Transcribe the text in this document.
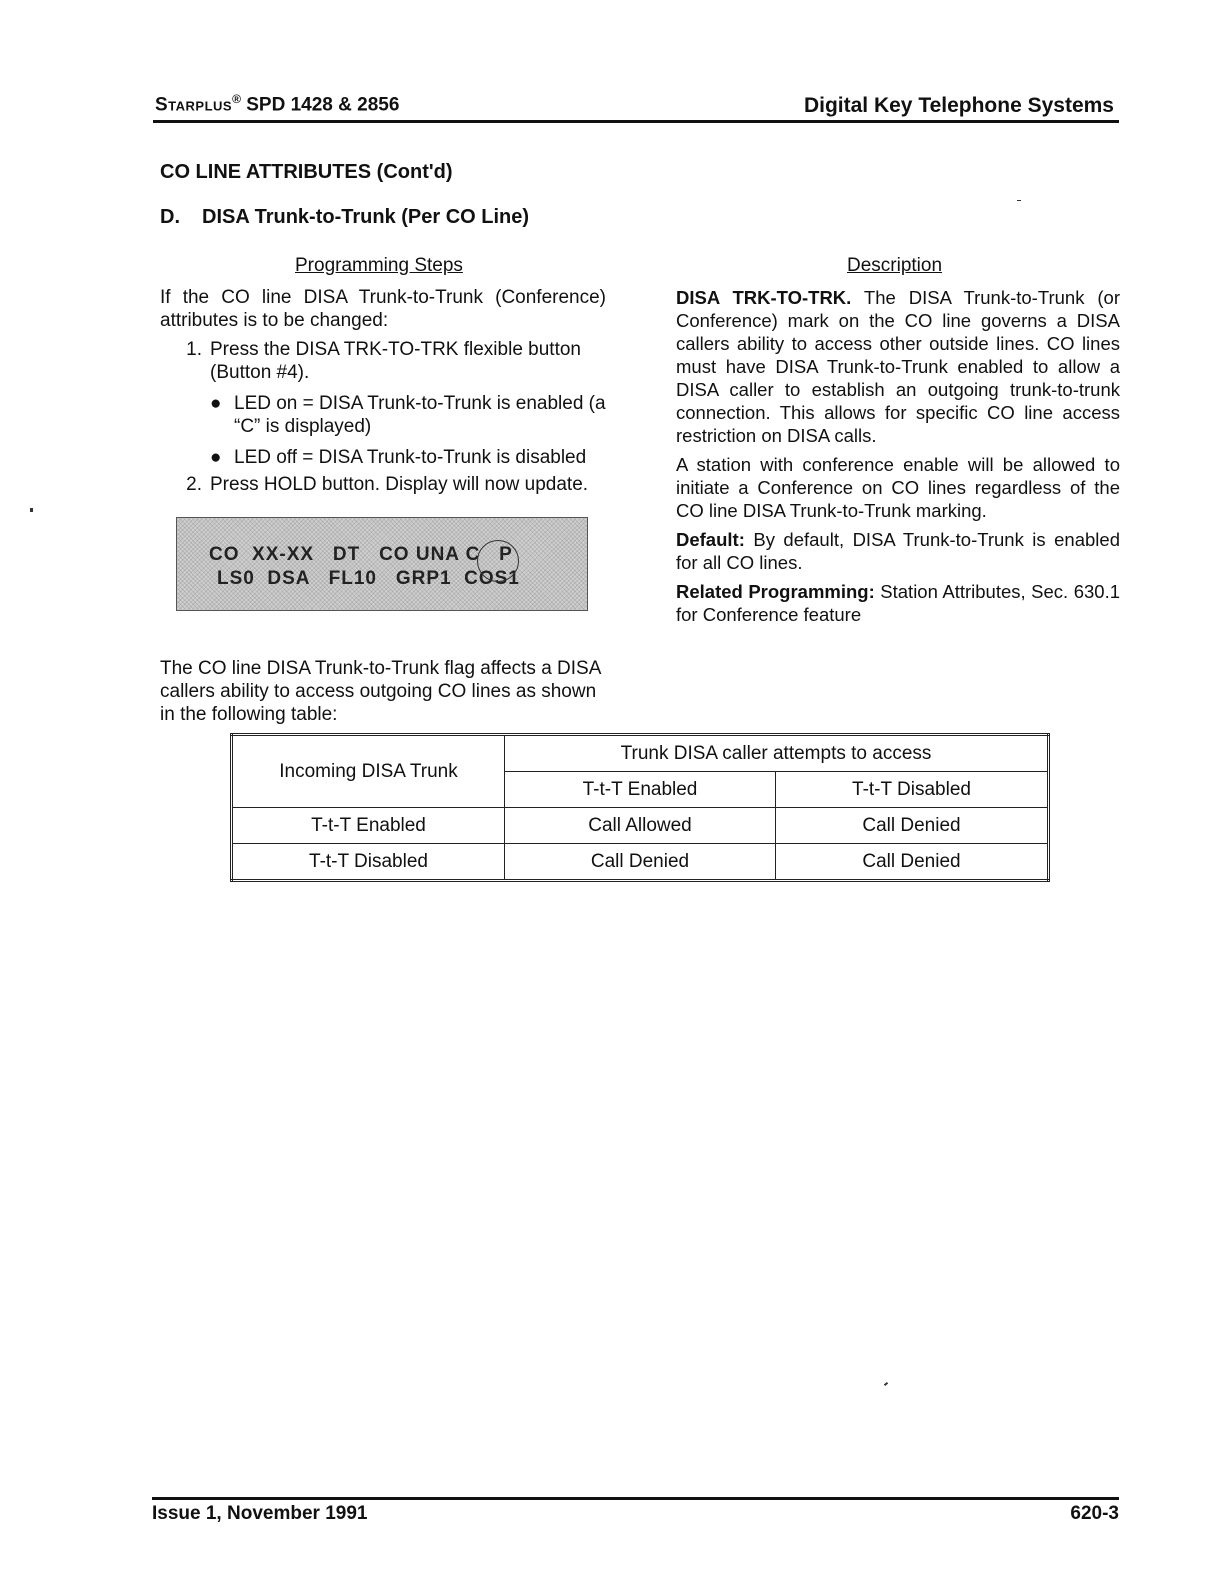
Starplus® SPD 1428 & 2856	Digital Key Telephone Systems
CO LINE ATTRIBUTES (Cont'd)
D. DISA Trunk-to-Trunk (Per CO Line)
Programming Steps	Description

If the CO line DISA Trunk-to-Trunk (Conference) attributes is to be changed:

1. Press the DISA TRK-TO-TRK flexible button (Button #4).
● LED on = DISA Trunk-to-Trunk is enabled (a “C” is displayed)
● LED off = DISA Trunk-to-Trunk is disabled
2. Press HOLD button. Display will now update.
CO  XX-XX   DT   CO UNA C   P
LS0  DSA   FL10   GRP1  COS1
The CO line DISA Trunk-to-Trunk flag affects a DISA callers ability to access outgoing CO lines as shown in the following table:

DISA TRK-TO-TRK. The DISA Trunk-to-Trunk (or Conference) mark on the CO line governs a DISA callers ability to access other outside lines. CO lines must have DISA Trunk-to-Trunk enabled to allow a DISA caller to establish an outgoing trunk-to-trunk connection. This allows for specific CO line access restriction on DISA calls.

A station with conference enable will be allowed to initiate a Conference on CO lines regardless of the CO line DISA Trunk-to-Trunk marking.

Default: By default, DISA Trunk-to-Trunk is enabled for all CO lines.

Related Programming: Station Attributes, Sec. 630.1 for Conference feature

Incoming DISA Trunk	Trunk DISA caller attempts to access	
	T-t-T Enabled	T-t-T Disabled
T-t-T Enabled	Call Allowed	Call Denied
T-t-T Disabled	Call Denied	Call Denied
Issue 1, November 1991	620-3
